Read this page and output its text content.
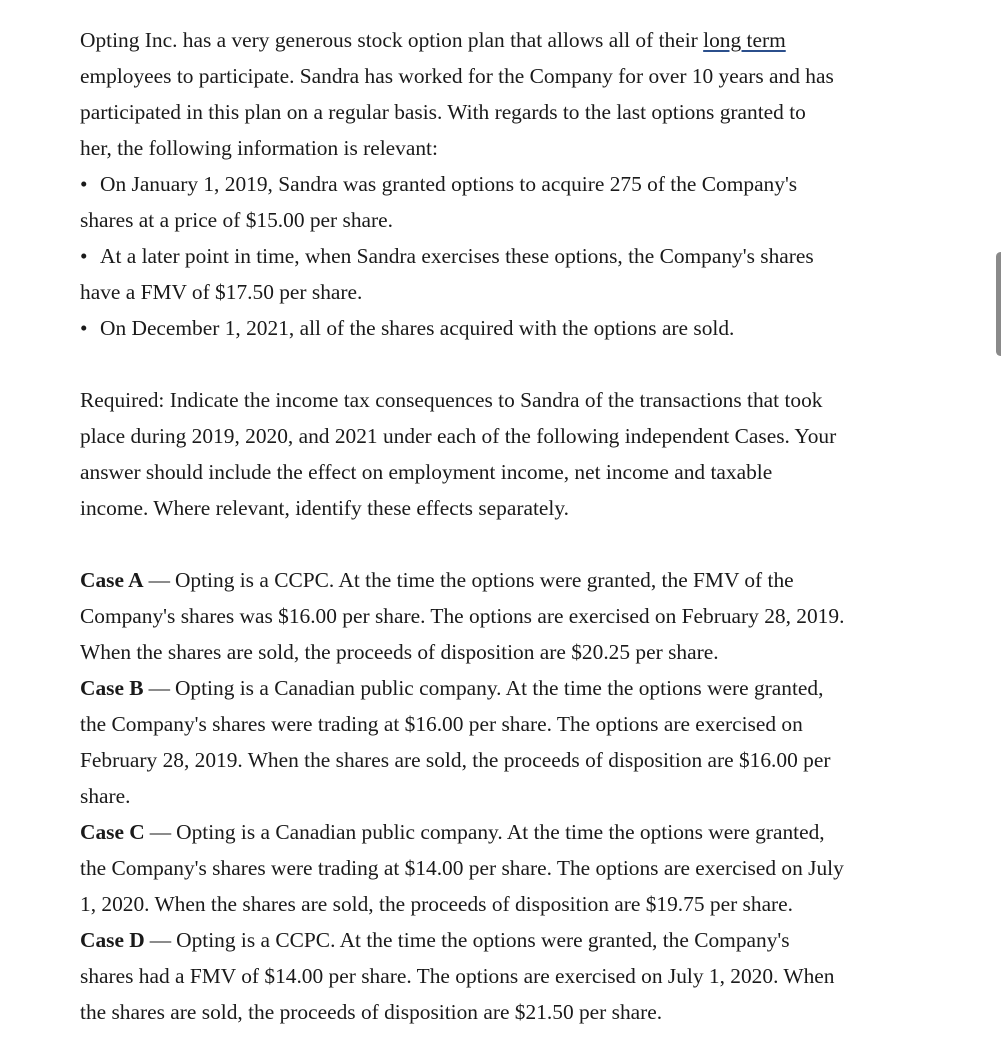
Opting Inc. has a very generous stock option plan that allows all of their long term
employees to participate. Sandra has worked for the Company for over 10 years and has
participated in this plan on a regular basis. With regards to the last options granted to
her, the following information is relevant:
• On January 1, 2019, Sandra was granted options to acquire 275 of the Company's
shares at a price of $15.00 per share.
• At a later point in time, when Sandra exercises these options, the Company's shares
have a FMV of $17.50 per share.
• On December 1, 2021, all of the shares acquired with the options are sold.
Required: Indicate the income tax consequences to Sandra of the transactions that took
place during 2019, 2020, and 2021 under each of the following independent Cases. Your
answer should include the effect on employment income, net income and taxable
income. Where relevant, identify these effects separately.
Case A — Opting is a CCPC. At the time the options were granted, the FMV of the
Company's shares was $16.00 per share. The options are exercised on February 28, 2019.
When the shares are sold, the proceeds of disposition are $20.25 per share.
Case B — Opting is a Canadian public company. At the time the options were granted,
the Company's shares were trading at $16.00 per share. The options are exercised on
February 28, 2019. When the shares are sold, the proceeds of disposition are $16.00 per
share.
Case C — Opting is a Canadian public company. At the time the options were granted,
the Company's shares were trading at $14.00 per share. The options are exercised on July
1, 2020. When the shares are sold, the proceeds of disposition are $19.75 per share.
Case D — Opting is a CCPC. At the time the options were granted, the Company's
shares had a FMV of $14.00 per share. The options are exercised on July 1, 2020. When
the shares are sold, the proceeds of disposition are $21.50 per share.
